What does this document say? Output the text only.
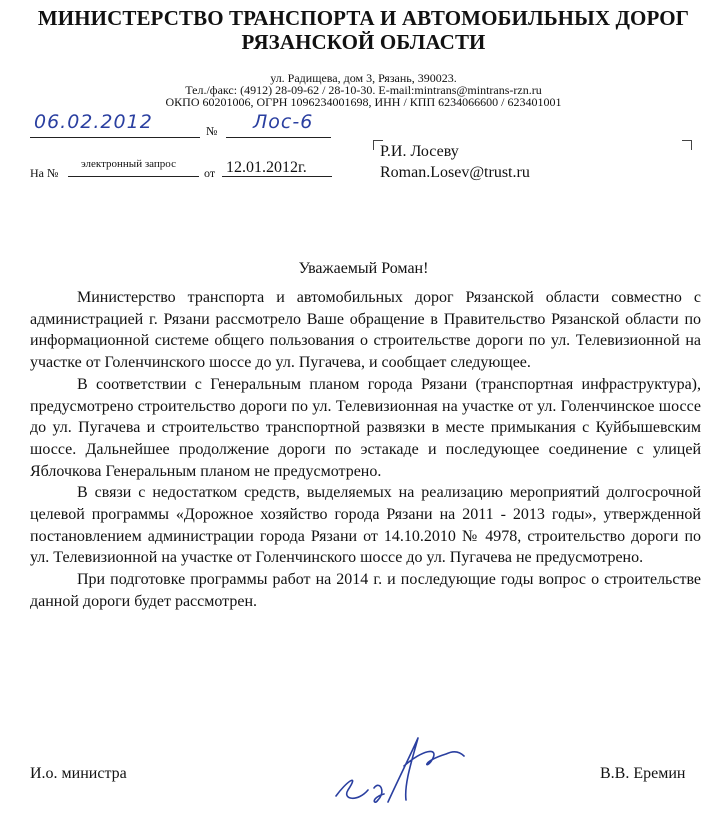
МИНИСТЕРСТВО ТРАНСПОРТА И АВТОМОБИЛЬНЫХ ДОРОГ
РЯЗАНСКОЙ ОБЛАСТИ
ул. Радищева, дом 3, Рязань, 390023.
Тел./факс: (4912) 28-09-62 / 28-10-30. E-mail:mintrans@mintrans-rzn.ru
ОКПО 60201006, ОГРН 1096234001698, ИНН / КПП 6234066600 / 623401001
06.02.2012	№ Лос-6
На №
электронный запрос
от 12.01.2012г.
Р.И. Лосеву
Roman.Losev@trust.ru
Уважаемый Роман!

Министерство транспорта и автомобильных дорог Рязанской области совместно с администрацией г. Рязани рассмотрело Ваше обращение в Правительство Рязанской области по информационной системе общего пользования о строительстве дороги по ул. Телевизионной на участке от Голенчинского шоссе до ул. Пугачева, и сообщает следующее.

В соответствии с Генеральным планом города Рязани (транспортная инфраструктура), предусмотрено строительство дороги по ул. Телевизионная на участке от ул. Голенчинское шоссе до ул. Пугачева и строительство транспортной развязки в месте примыкания с Куйбышевским шоссе. Дальнейшее продолжение дороги по эстакаде и последующее соединение с улицей Яблочкова Генеральным планом не предусмотрено.

В связи с недостатком средств, выделяемых на реализацию мероприятий долгосрочной целевой программы «Дорожное хозяйство города Рязани на 2011 - 2013 годы», утвержденной постановлением администрации города Рязани от 14.10.2010 № 4978, строительство дороги по ул. Телевизионной на участке от Голенчинского шоссе до ул. Пугачева не предусмотрено.

При подготовке программы работ на 2014 г. и последующие годы вопрос о строительстве данной дороги будет рассмотрен.

И.о. министра	В.В. Еремин
